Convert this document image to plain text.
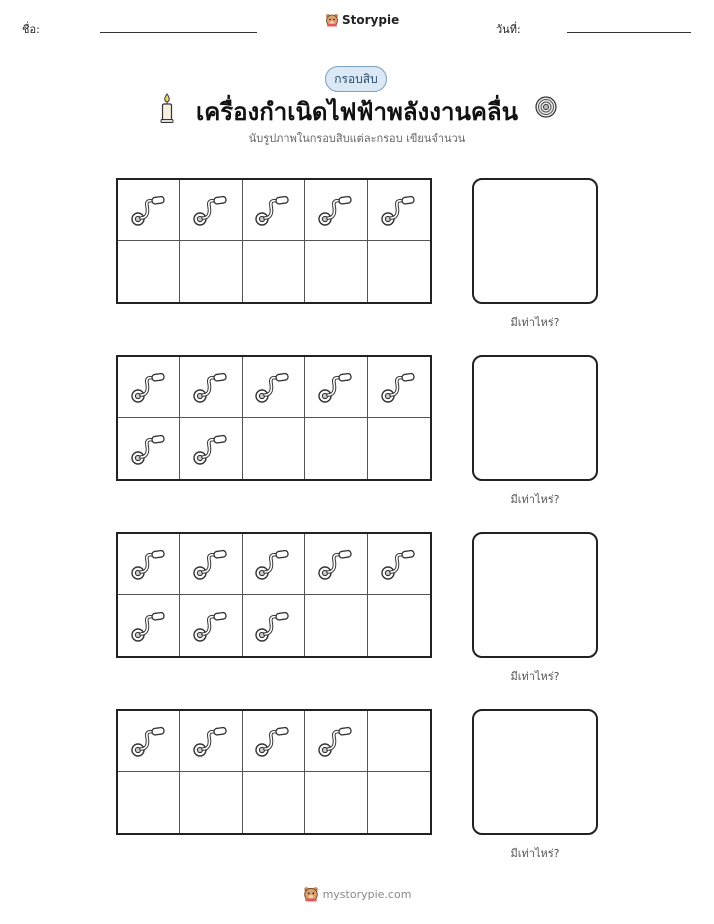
ชื่อ:
Storypie
วันที่:
กรอบสิบ
เครื่องกำเนิดไฟฟ้าพลังงานคลื่น
นับรูปภาพในกรอบสิบแต่ละกรอบ เขียนจำนวน
มีเท่าไหร่?
มีเท่าไหร่?
มีเท่าไหร่?
มีเท่าไหร่?
mystorypie.com
